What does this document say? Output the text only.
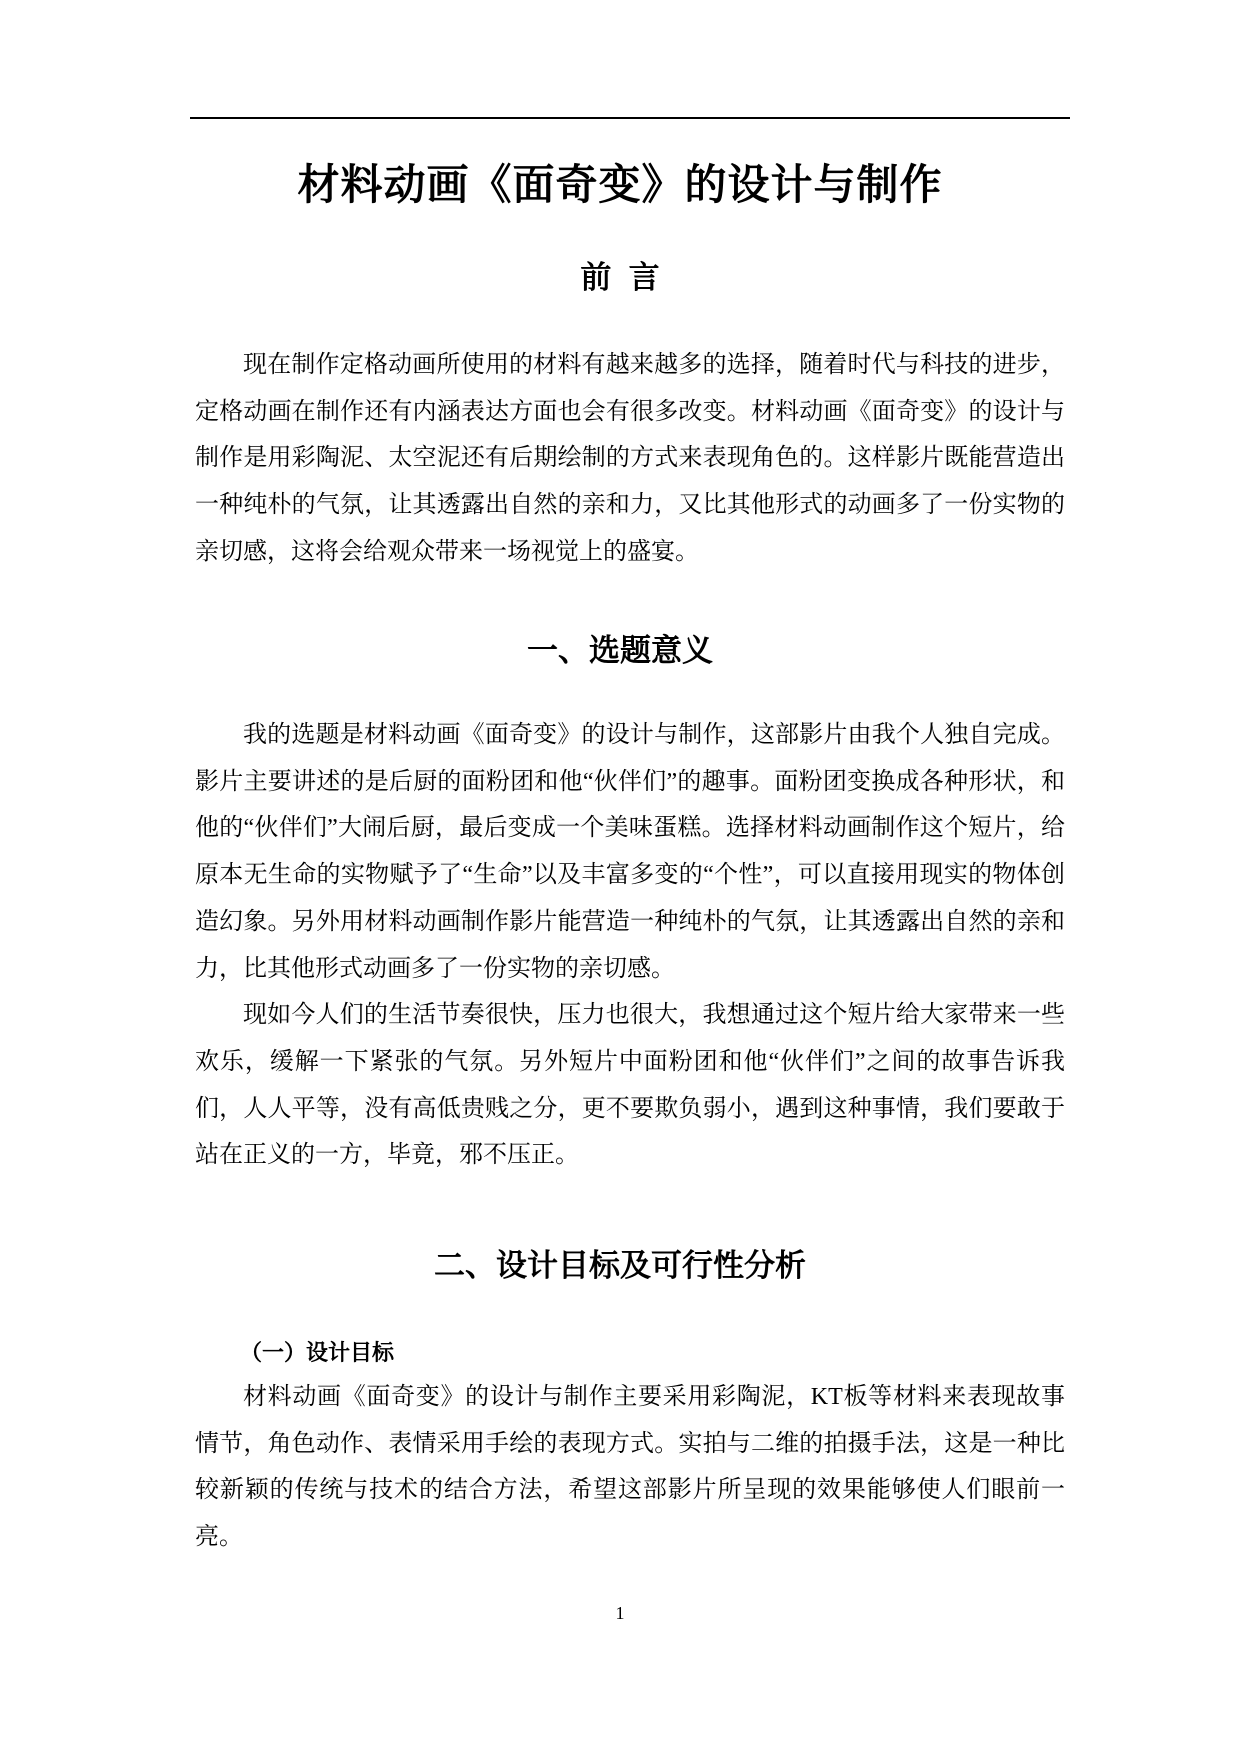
材料动画《面奇变》的设计与制作
前  言

现在制作定格动画所使用的材料有越来越多的选择，随着时代与科技的进步，定格动画在制作还有内涵表达方面也会有很多改变。材料动画《面奇变》的设计与制作是用彩陶泥、太空泥还有后期绘制的方式来表现角色的。这样影片既能营造出一种纯朴的气氛，让其透露出自然的亲和力，又比其他形式的动画多了一份实物的亲切感，这将会给观众带来一场视觉上的盛宴。

一、选题意义

我的选题是材料动画《面奇变》的设计与制作，这部影片由我个人独自完成。影片主要讲述的是后厨的面粉团和他“伙伴们”的趣事。面粉团变换成各种形状，和他的“伙伴们”大闹后厨，最后变成一个美味蛋糕。选择材料动画制作这个短片，给原本无生命的实物赋予了“生命”以及丰富多变的“个性”，可以直接用现实的物体创造幻象。另外用材料动画制作影片能营造一种纯朴的气氛，让其透露出自然的亲和力，比其他形式动画多了一份实物的亲切感。

现如今人们的生活节奏很快，压力也很大，我想通过这个短片给大家带来一些欢乐，缓解一下紧张的气氛。另外短片中面粉团和他“伙伴们”之间的故事告诉我们，人人平等，没有高低贵贱之分，更不要欺负弱小，遇到这种事情，我们要敢于站在正义的一方，毕竟，邪不压正。

二、设计目标及可行性分析
（一）设计目标

材料动画《面奇变》的设计与制作主要采用彩陶泥，KT板等材料来表现故事情节，角色动作、表情采用手绘的表现方式。实拍与二维的拍摄手法，这是一种比较新颖的传统与技术的结合方法，希望这部影片所呈现的效果能够使人们眼前一亮。

1
